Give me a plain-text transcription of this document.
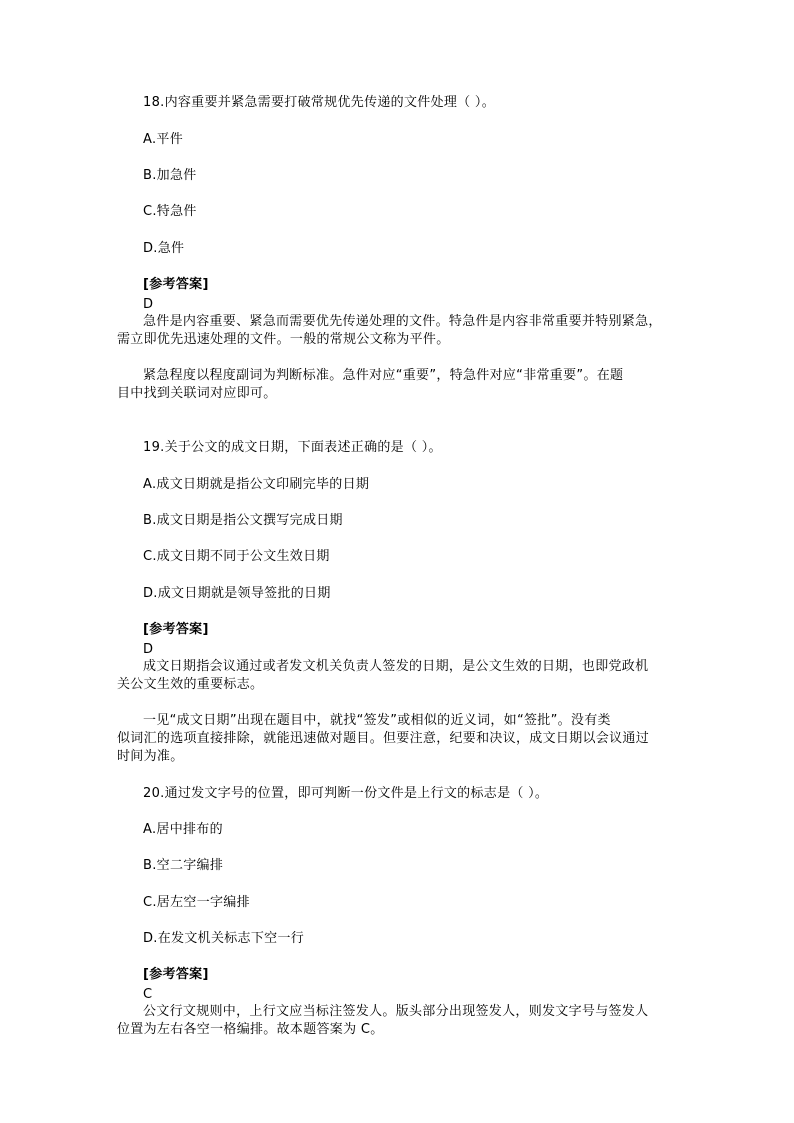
18.内容重要并紧急需要打破常规优先传递的文件处理（ ）。
A.平件
B.加急件
C.特急件
D.急件
[参考答案]
D
急件是内容重要、紧急而需要优先传递处理的文件。特急件是内容非常重要并特别紧急，
需立即优先迅速处理的文件。一般的常规公文称为平件。
紧急程度以程度副词为判断标准。急件对应“重要”，特急件对应“非常重要”。在题
目中找到关联词对应即可。
19.关于公文的成文日期，下面表述正确的是（ ）。
A.成文日期就是指公文印刷完毕的日期
B.成文日期是指公文撰写完成日期
C.成文日期不同于公文生效日期
D.成文日期就是领导签批的日期
[参考答案]
D
成文日期指会议通过或者发文机关负责人签发的日期，是公文生效的日期，也即党政机
关公文生效的重要标志。
一见“成文日期”出现在题目中，就找“签发”或相似的近义词，如“签批”。没有类
似词汇的选项直接排除，就能迅速做对题目。但要注意，纪要和决议，成文日期以会议通过
时间为准。
20.通过发文字号的位置，即可判断一份文件是上行文的标志是（ ）。
A.居中排布的
B.空二字编排
C.居左空一字编排
D.在发文机关标志下空一行
[参考答案]
C
公文行文规则中，上行文应当标注签发人。版头部分出现签发人，则发文字号与签发人
位置为左右各空一格编排。故本题答案为 C。
